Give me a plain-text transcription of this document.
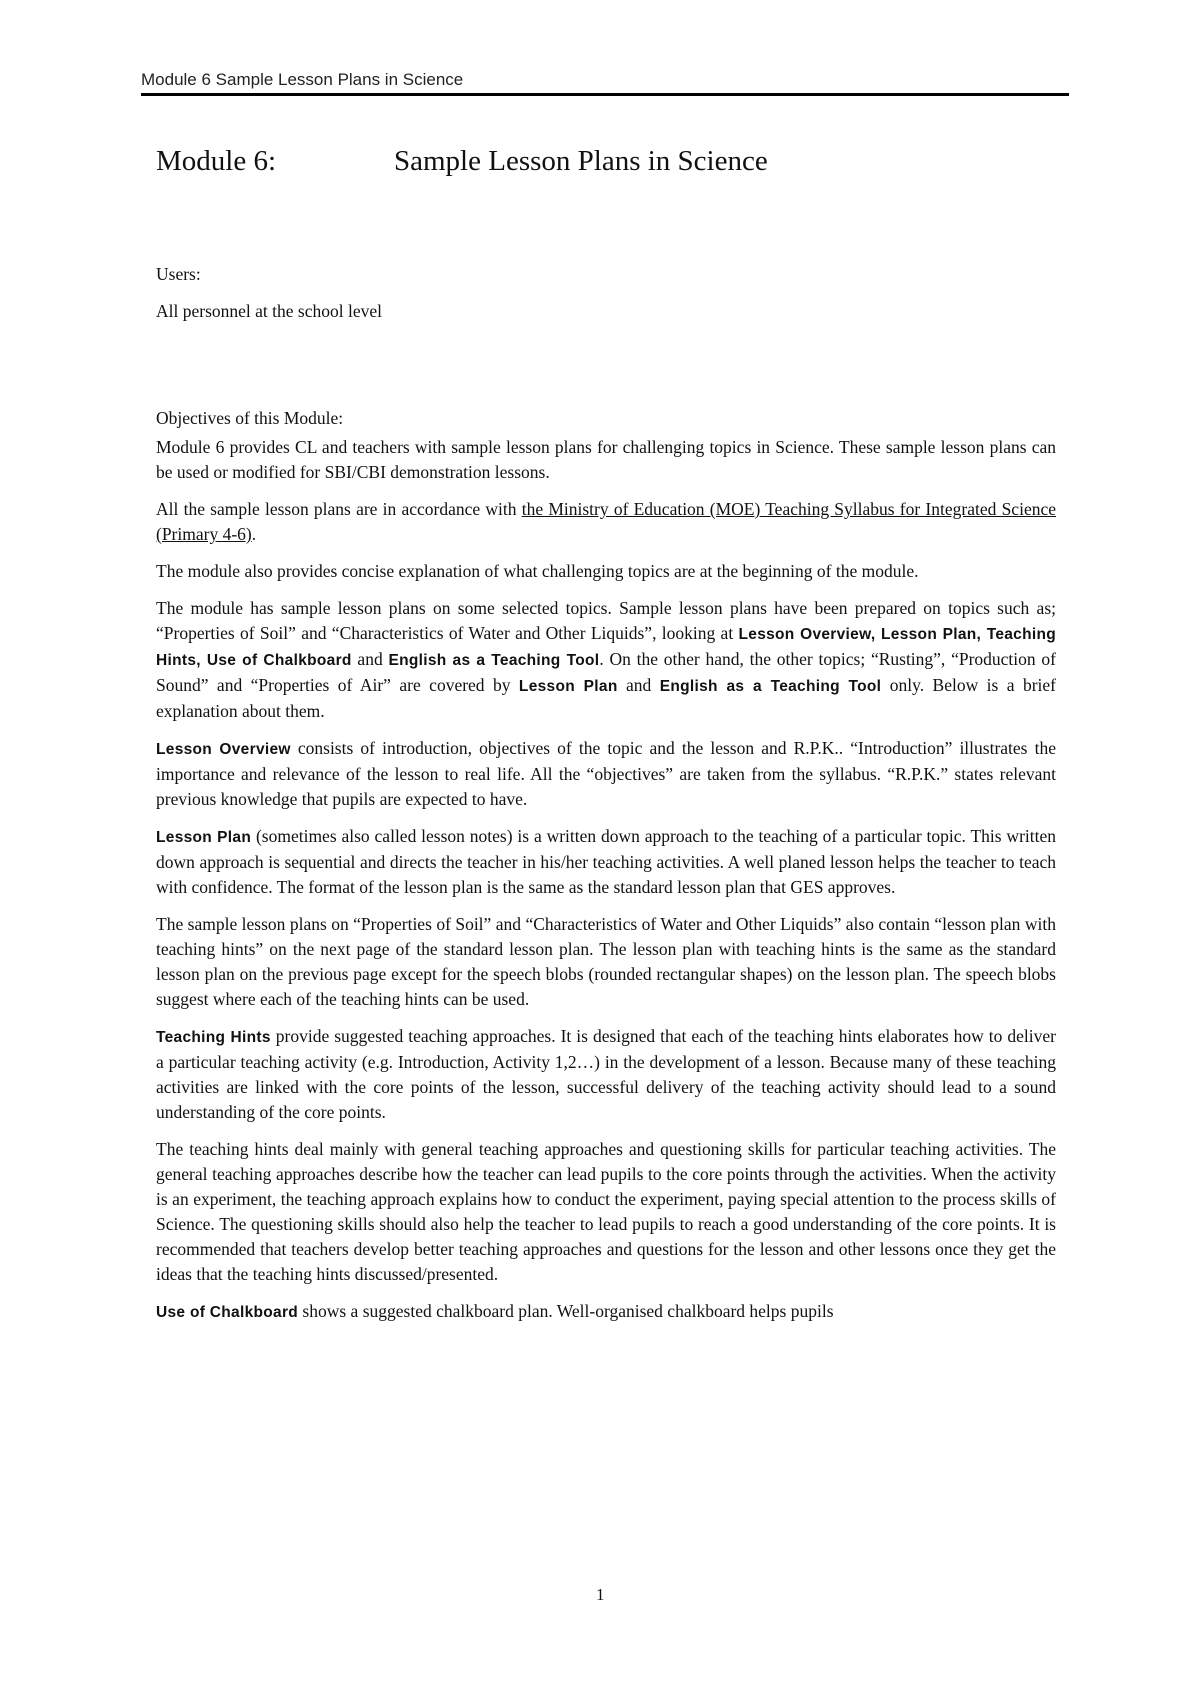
Module 6 Sample Lesson Plans in Science
Module 6:	Sample Lesson Plans in Science
Users:
All personnel at the school level
Objectives of this Module:

Module 6 provides CL and teachers with sample lesson plans for challenging topics in Science. These sample lesson plans can be used or modified for SBI/CBI demonstration lessons.

All the sample lesson plans are in accordance with the Ministry of Education (MOE) Teaching Syllabus for Integrated Science (Primary 4-6).

The module also provides concise explanation of what challenging topics are at the beginning of the module.

The module has sample lesson plans on some selected topics. Sample lesson plans have been prepared on topics such as; “Properties of Soil” and “Characteristics of Water and Other Liquids”, looking at Lesson Overview, Lesson Plan, Teaching Hints, Use of Chalkboard and English as a Teaching Tool. On the other hand, the other topics; “Rusting”, “Production of Sound” and “Properties of Air” are covered by Lesson Plan and English as a Teaching Tool only. Below is a brief explanation about them.

Lesson Overview consists of introduction, objectives of the topic and the lesson and R.P.K.. “Introduction” illustrates the importance and relevance of the lesson to real life. All the “objectives” are taken from the syllabus. “R.P.K.” states relevant previous knowledge that pupils are expected to have.

Lesson Plan (sometimes also called lesson notes) is a written down approach to the teaching of a particular topic. This written down approach is sequential and directs the teacher in his/her teaching activities. A well planed lesson helps the teacher to teach with confidence. The format of the lesson plan is the same as the standard lesson plan that GES approves.

The sample lesson plans on “Properties of Soil” and “Characteristics of Water and Other Liquids” also contain “lesson plan with teaching hints” on the next page of the standard lesson plan. The lesson plan with teaching hints is the same as the standard lesson plan on the previous page except for the speech blobs (rounded rectangular shapes) on the lesson plan. The speech blobs suggest where each of the teaching hints can be used.

Teaching Hints provide suggested teaching approaches. It is designed that each of the teaching hints elaborates how to deliver a particular teaching activity (e.g. Introduction, Activity 1,2…) in the development of a lesson. Because many of these teaching activities are linked with the core points of the lesson, successful delivery of the teaching activity should lead to a sound understanding of the core points.

The teaching hints deal mainly with general teaching approaches and questioning skills for particular teaching activities. The general teaching approaches describe how the teacher can lead pupils to the core points through the activities. When the activity is an experiment, the teaching approach explains how to conduct the experiment, paying special attention to the process skills of Science. The questioning skills should also help the teacher to lead pupils to reach a good understanding of the core points. It is recommended that teachers develop better teaching approaches and questions for the lesson and other lessons once they get the ideas that the teaching hints discussed/presented.

Use of Chalkboard shows a suggested chalkboard plan. Well-organised chalkboard helps pupils

1
